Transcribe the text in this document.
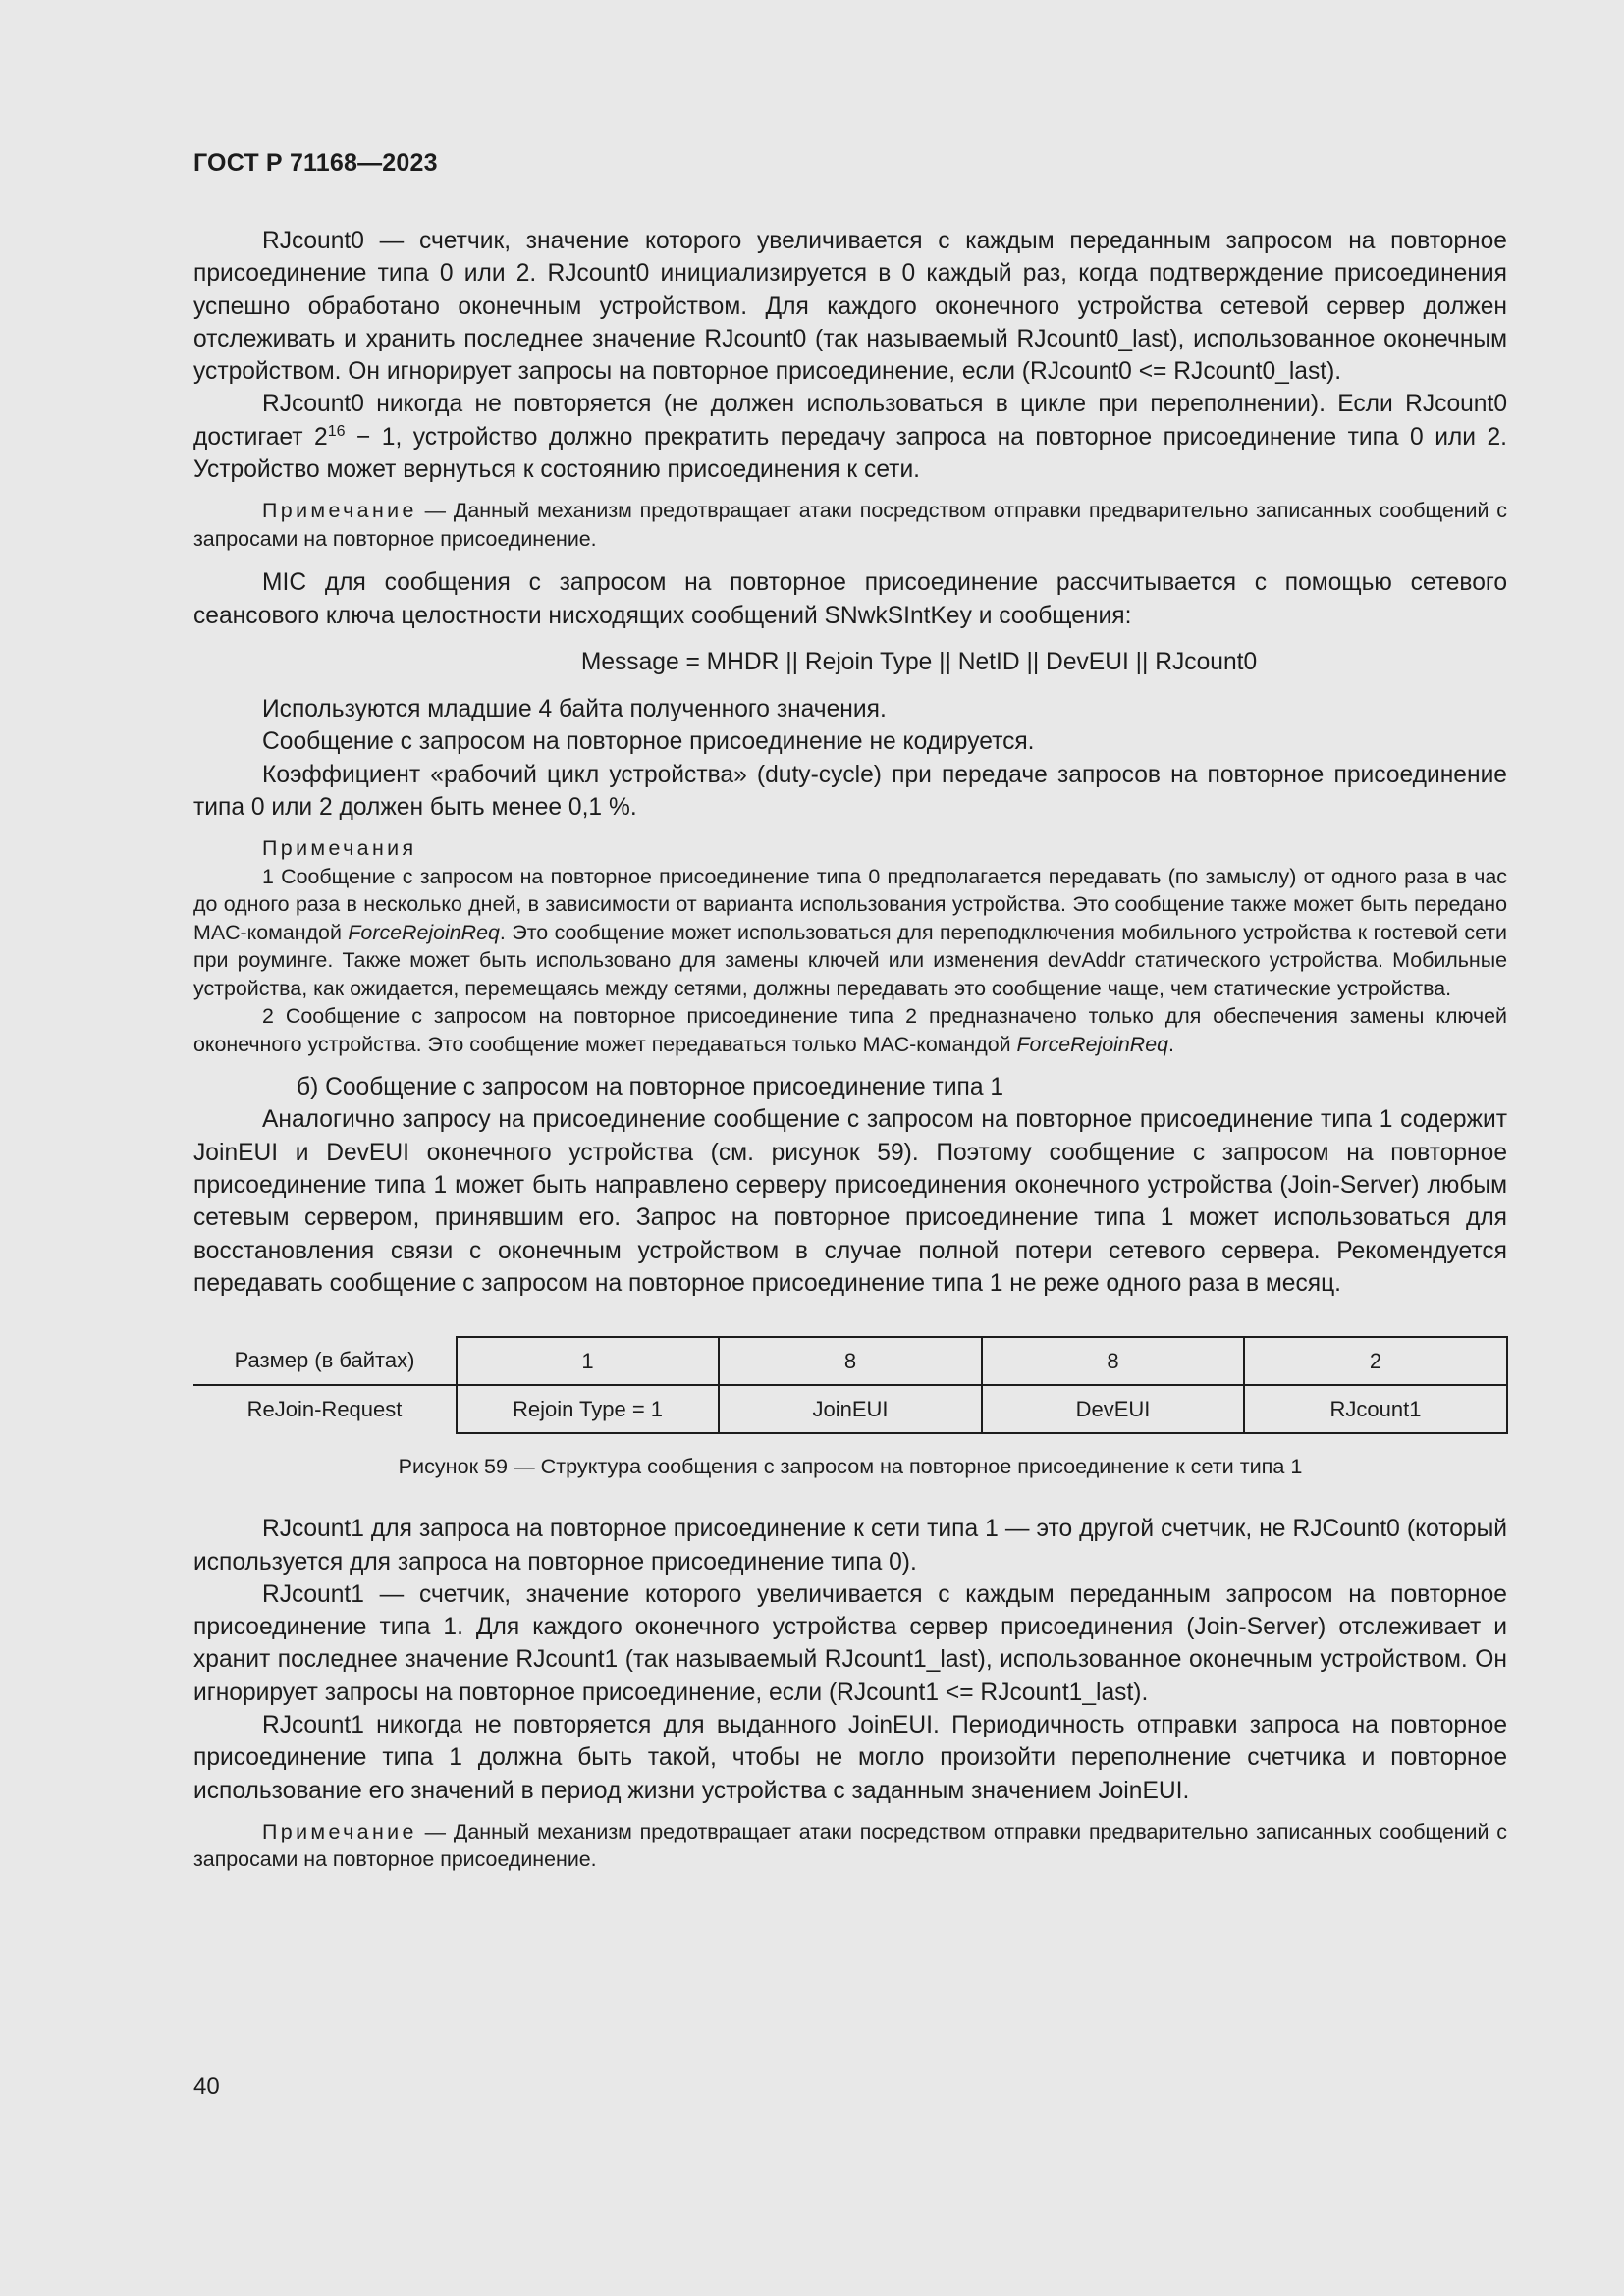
ГОСТ Р 71168—2023

RJcount0 — счетчик, значение которого увеличивается с каждым переданным запросом на повторное присоединение типа 0 или 2. RJcount0 инициализируется в 0 каждый раз, когда подтверждение присоединения успешно обработано оконечным устройством. Для каждого оконечного устройства сетевой сервер должен отслеживать и хранить последнее значение RJcount0 (так называемый RJcount0_last), использованное оконечным устройством. Он игнорирует запросы на повторное присоединение, если (RJcount0 <= RJcount0_last).

RJcount0 никогда не повторяется (не должен использоваться в цикле при переполнении). Если RJcount0 достигает $2^{16} - 1$, устройство должно прекратить передачу запроса на повторное присоединение типа 0 или 2. Устройство может вернуться к состоянию присоединения к сети.

Примечание — Данный механизм предотвращает атаки посредством отправки предварительно записанных сообщений с запросами на повторное присоединение.

MIC для сообщения с запросом на повторное присоединение рассчитывается с помощью сетевого сеансового ключа целостности нисходящих сообщений SNwkSIntKey и сообщения:

Message = MHDR || Rejoin Type || NetID || DevEUI || RJcount0

Используются младшие 4 байта полученного значения.

Сообщение с запросом на повторное присоединение не кодируется.

Коэффициент «рабочий цикл устройства» (duty-cycle) при передаче запросов на повторное присоединение типа 0 или 2 должен быть менее 0,1 %.

Примечания

1 Сообщение с запросом на повторное присоединение типа 0 предполагается передавать (по замыслу) от одного раза в час до одного раза в несколько дней, в зависимости от варианта использования устройства. Это сообщение также может быть передано MAC-командой ForceRejoinReq. Это сообщение может использоваться для переподключения мобильного устройства к гостевой сети при роуминге. Также может быть использовано для замены ключей или изменения devAddr статического устройства. Мобильные устройства, как ожидается, перемещаясь между сетями, должны передавать это сообщение чаще, чем статические устройства.

2 Сообщение с запросом на повторное присоединение типа 2 предназначено только для обеспечения замены ключей оконечного устройства. Это сообщение может передаваться только MAC-командой ForceRejoinReq.

б) Сообщение с запросом на повторное присоединение типа 1

Аналогично запросу на присоединение сообщение с запросом на повторное присоединение типа 1 содержит JoinEUI и DevEUI оконечного устройства (см. рисунок 59). Поэтому сообщение с запросом на повторное присоединение типа 1 может быть направлено серверу присоединения оконечного устройства (Join-Server) любым сетевым сервером, принявшим его. Запрос на повторное присоединение типа 1 может использоваться для восстановления связи с оконечным устройством в случае полной потери сетевого сервера. Рекомендуется передавать сообщение с запросом на повторное присоединение типа 1 не реже одного раза в месяц.

Размер (в байтах)	1	8	8	2
ReJoin-Request	Rejoin Type = 1	JoinEUI	DevEUI	RJcount1

Рисунок 59 — Структура сообщения с запросом на повторное присоединение к сети типа 1

RJcount1 для запроса на повторное присоединение к сети типа 1 — это другой счетчик, не RJCount0 (который используется для запроса на повторное присоединение типа 0).

RJcount1 — счетчик, значение которого увеличивается с каждым переданным запросом на повторное присоединение типа 1. Для каждого оконечного устройства сервер присоединения (Join-Server) отслеживает и хранит последнее значение RJcount1 (так называемый RJcount1_last), использованное оконечным устройством. Он игнорирует запросы на повторное присоединение, если (RJcount1 <= RJcount1_last).

RJcount1 никогда не повторяется для выданного JoinEUI. Периодичность отправки запроса на повторное присоединение типа 1 должна быть такой, чтобы не могло произойти переполнение счетчика и повторное использование его значений в период жизни устройства с заданным значением JoinEUI.

Примечание — Данный механизм предотвращает атаки посредством отправки предварительно записанных сообщений с запросами на повторное присоединение.

40
